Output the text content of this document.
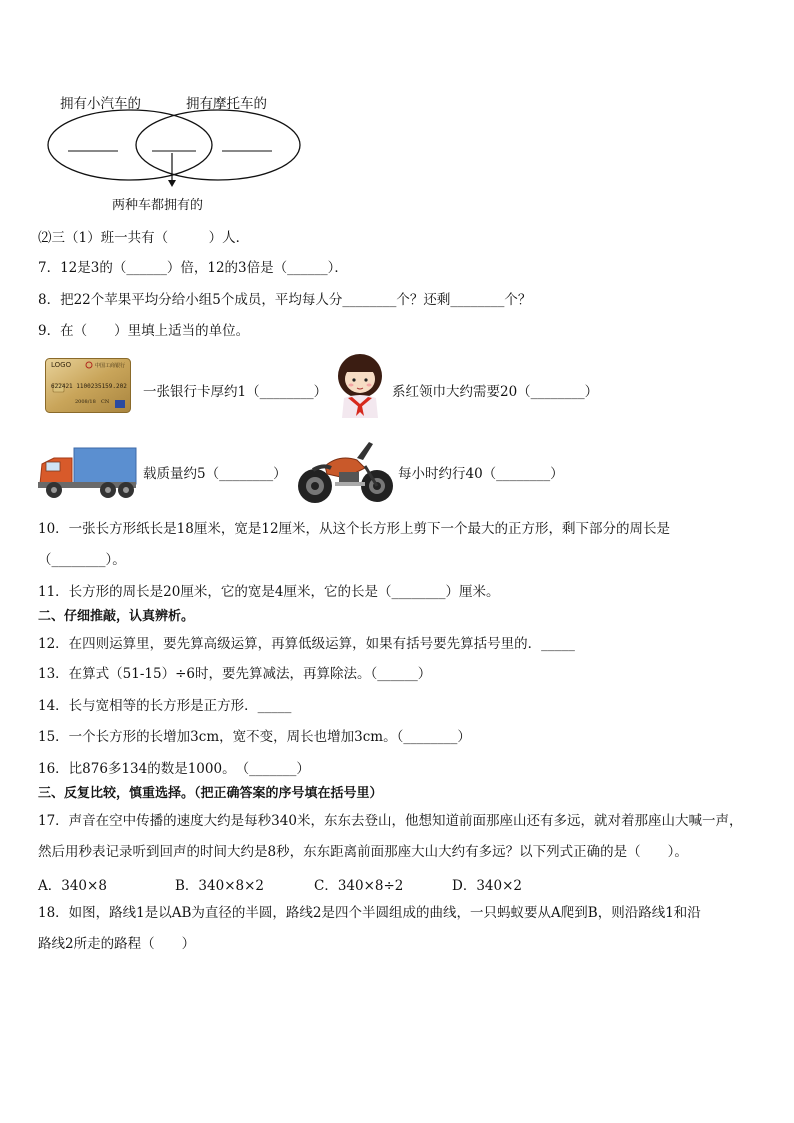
拥有小汽车的	拥有摩托车的
两种车都拥有的
⑵三（1）班一共有（　　　）人．
7．12是3的（______）倍，12的3倍是（______）．
8．把22个苹果平均分给小组5个成员，平均每人分________个？还剩________个？
9．在（　　）里填上适当的单位。
LOGO	中国工商银行
622421 1100235159.202
2008/18 CN
一张银行卡厚约1（________）	系红领巾大约需要20（________）
载质量约5（________）	每小时约行40（________）
10．一张长方形纸长是18厘米，宽是12厘米，从这个长方形上剪下一个最大的正方形，剩下部分的周长是
（________）。
11．长方形的周长是20厘米，它的宽是4厘米，它的长是（________）厘米。
二、仔细推敲，认真辨析。
12．在四则运算里，要先算高级运算，再算低级运算，如果有括号要先算括号里的．_____
13．在算式（51-15）÷6时，要先算减法，再算除法。（______）
14．长与宽相等的长方形是正方形．_____
15．一个长方形的长增加3cm，宽不变，周长也增加3cm。（________）
16．比876多134的数是1000。　（_______）
三、反复比较，慎重选择。（把正确答案的序号填在括号里）
17．声音在空中传播的速度大约是每秒340米，东东去登山，他想知道前面那座山还有多远，就对着那座山大喊一声，
然后用秒表记录听到回声的时间大约是8秒，东东距离前面那座大山大约有多远？以下列式正确的是（　　）。
A．340×8	B．340×8×2	C．340×8÷2	D．340×2
18．如图，路线1是以AB为直径的半圆，路线2是四个半圆组成的曲线，一只蚂蚁要从A爬到B，则沿路线1和沿
路线2所走的路程（　　）
